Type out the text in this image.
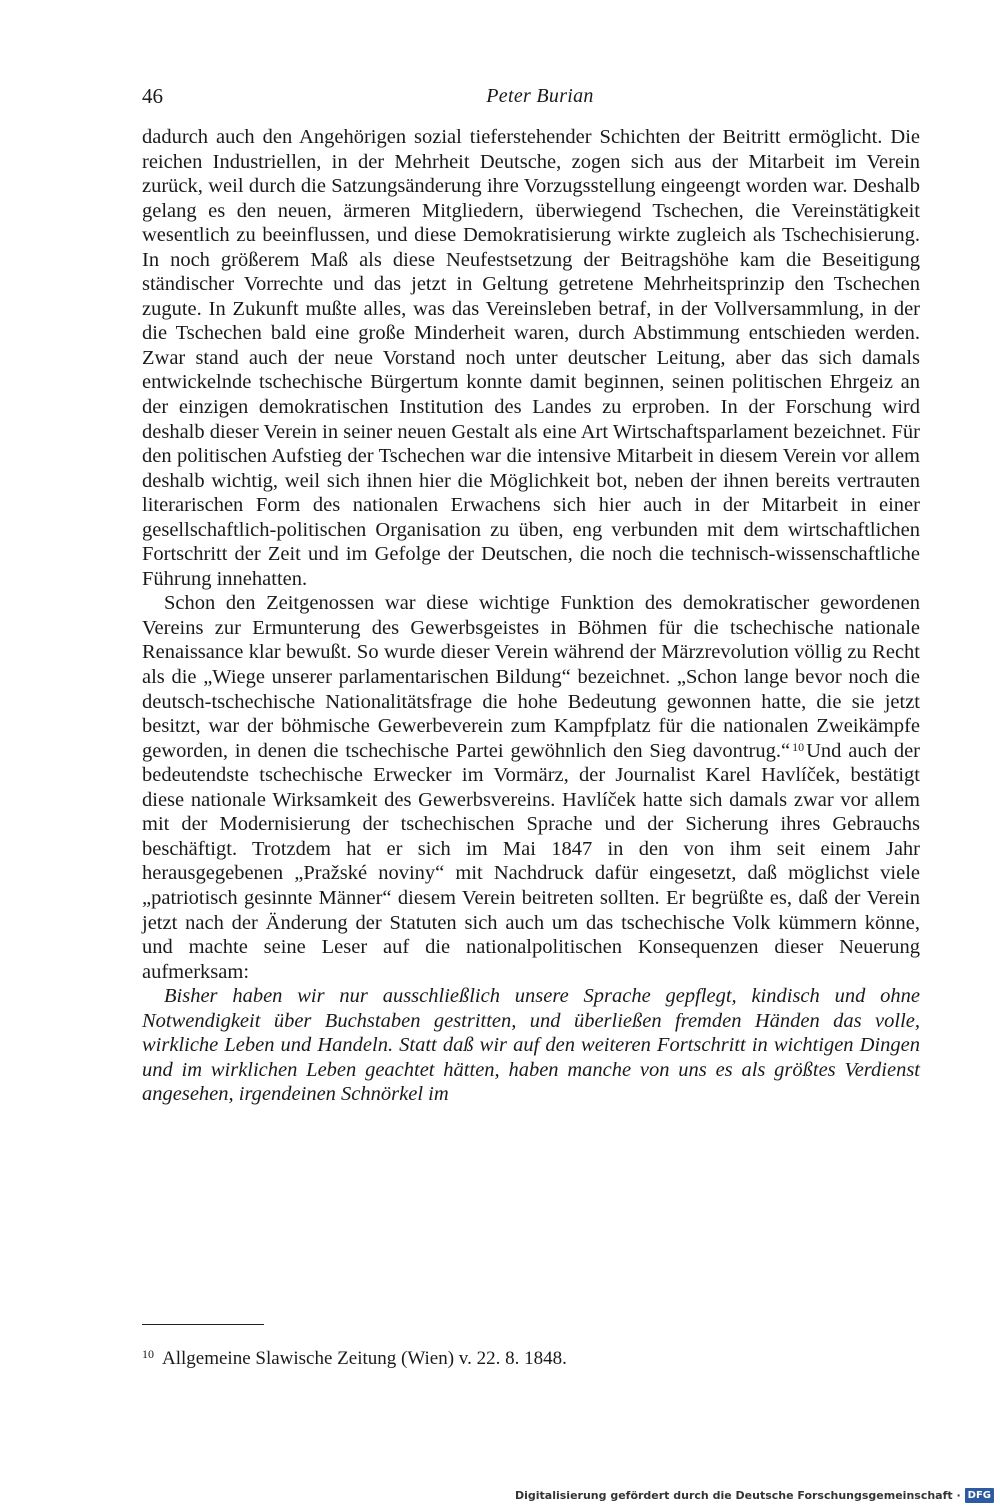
46	Peter Burian

dadurch auch den Angehörigen sozial tieferstehender Schichten der Beitritt ermöglicht. Die reichen Industriellen, in der Mehrheit Deutsche, zogen sich aus der Mitarbeit im Verein zurück, weil durch die Satzungsänderung ihre Vorzugsstellung eingeengt worden war. Deshalb gelang es den neuen, ärmeren Mitgliedern, überwiegend Tschechen, die Vereinstätigkeit wesentlich zu beeinflussen, und diese Demokratisierung wirkte zugleich als Tschechisierung. In noch größerem Maß als diese Neufestsetzung der Beitragshöhe kam die Beseitigung ständischer Vorrechte und das jetzt in Geltung getretene Mehrheitsprinzip den Tschechen zugute. In Zukunft mußte alles, was das Vereinsleben betraf, in der Vollversammlung, in der die Tschechen bald eine große Minderheit waren, durch Abstimmung entschieden werden. Zwar stand auch der neue Vorstand noch unter deutscher Leitung, aber das sich damals entwickelnde tschechische Bürgertum konnte damit beginnen, seinen politischen Ehrgeiz an der einzigen demokratischen Institution des Landes zu erproben. In der Forschung wird deshalb dieser Verein in seiner neuen Gestalt als eine Art Wirtschaftsparlament bezeichnet. Für den politischen Aufstieg der Tschechen war die intensive Mitarbeit in diesem Verein vor allem deshalb wichtig, weil sich ihnen hier die Möglichkeit bot, neben der ihnen bereits vertrauten literarischen Form des nationalen Erwachens sich hier auch in der Mitarbeit in einer gesellschaftlich-politischen Organisation zu üben, eng verbunden mit dem wirtschaftlichen Fortschritt der Zeit und im Gefolge der Deutschen, die noch die technisch-wissenschaftliche Führung innehatten.

Schon den Zeitgenossen war diese wichtige Funktion des demokratischer gewordenen Vereins zur Ermunterung des Gewerbsgeistes in Böhmen für die tschechische nationale Renaissance klar bewußt. So wurde dieser Verein während der Märzrevolution völlig zu Recht als die „Wiege unserer parlamentarischen Bildung“ bezeichnet. „Schon lange bevor noch die deutsch-tschechische Nationalitätsfrage die hohe Bedeutung gewonnen hatte, die sie jetzt besitzt, war der böhmische Gewerbeverein zum Kampfplatz für die nationalen Zweikämpfe geworden, in denen die tschechische Partei gewöhnlich den Sieg davontrug.“ $^{10}$Und auch der bedeutendste tschechische Erwecker im Vormärz, der Journalist Karel Havlíček, bestätigt diese nationale Wirksamkeit des Gewerbsvereins. Havlíček hatte sich damals zwar vor allem mit der Modernisierung der tschechischen Sprache und der Sicherung ihres Gebrauchs beschäftigt. Trotzdem hat er sich im Mai 1847 in den von ihm seit einem Jahr herausgegebenen „Pražské noviny“ mit Nachdruck dafür eingesetzt, daß möglichst viele „patriotisch gesinnte Männer“ diesem Verein beitreten sollten. Er begrüßte es, daß der Verein jetzt nach der Änderung der Statuten sich auch um das tschechische Volk kümmern könne, und machte seine Leser auf die nationalpolitischen Konsequenzen dieser Neuerung aufmerksam:

Bisher haben wir nur ausschließlich unsere Sprache gepflegt, kindisch und ohne Notwendigkeit über Buchstaben gestritten, und überließen fremden Händen das volle, wirkliche Leben und Handeln. Statt daß wir auf den weiteren Fortschritt in wichtigen Dingen und im wirklichen Leben geachtet hätten, haben manche von uns es als größtes Verdienst angesehen, irgendeinen Schnörkel im

$^{10}$ Allgemeine Slawische Zeitung (Wien) v. 22. 8. 1848.
Digitalisierung gefördert durch die Deutsche Forschungsgemeinschaft · DFG
